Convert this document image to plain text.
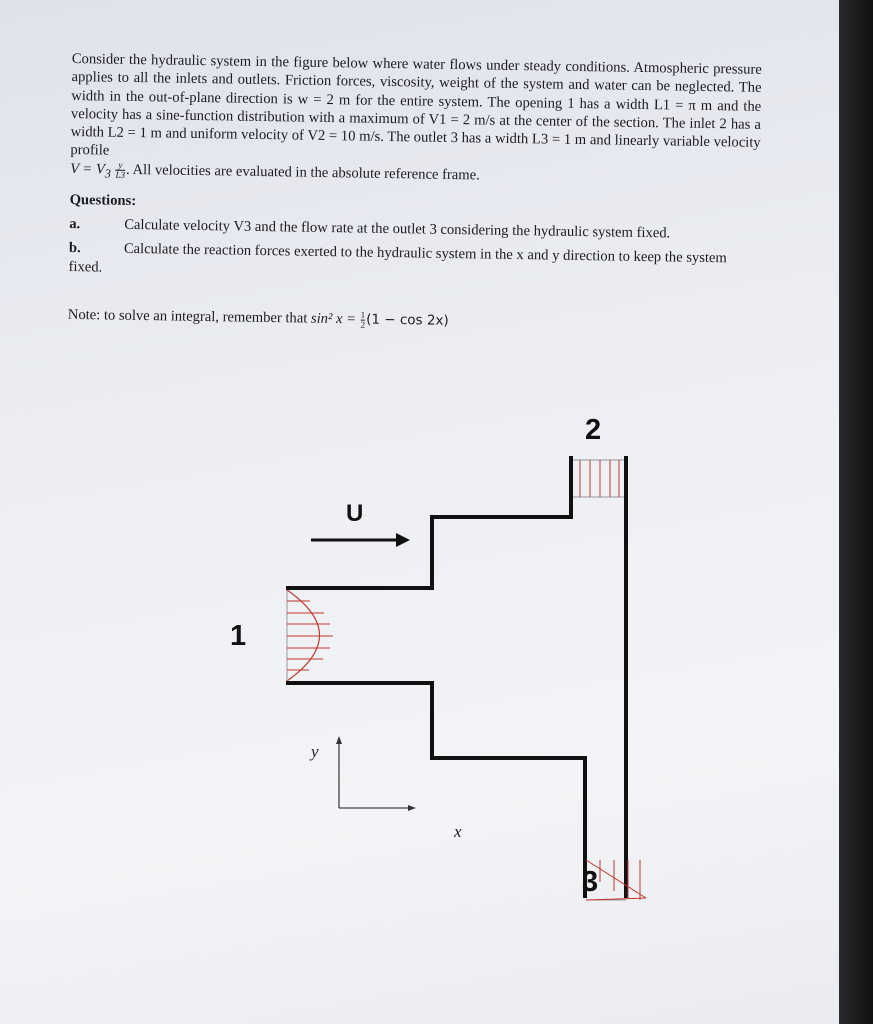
Consider the hydraulic system in the figure below where water flows under steady conditions. Atmospheric pressure applies to all the inlets and outlets. Friction forces, viscosity, weight of the system and water can be neglected. The width in the out-of-plane direction is w = 2 m for the entire system. The opening 1 has a width L1 = π m and the velocity has a sine-function distribution with a maximum of V1 = 2 m/s at the center of the section. The inlet 2 has a width L2 = 1 m and uniform velocity of V2 = 10 m/s. The outlet 3 has a width L3 = 1 m and linearly variable velocity profile
$V = V_3 \frac{y}{L3}$ . All velocities are evaluated in the absolute reference frame.

Questions:
a.	Calculate velocity V3 and the flow rate at the outlet 3 considering the hydraulic system fixed.
b.	Calculate the reaction forces exerted to the hydraulic system in the x and y direction to keep the system fixed.
Note: to solve an integral, remember that sin² $x = \frac{1}{2} (1 - \cos 2x)$
2
1
3
U
y
x
